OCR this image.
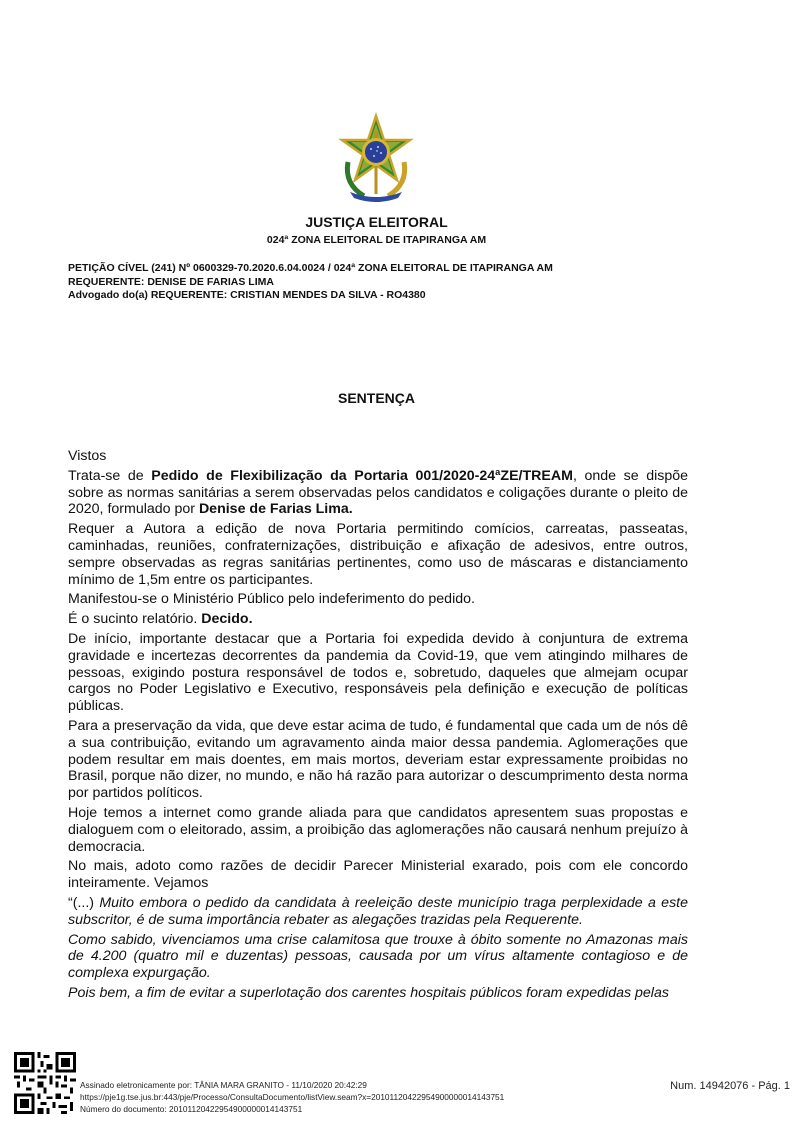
JUSTIÇA ELEITORAL
024ª ZONA ELEITORAL DE ITAPIRANGA AM
PETIÇÃO CÍVEL (241) Nº 0600329-70.2020.6.04.0024 / 024ª ZONA ELEITORAL DE ITAPIRANGA AM
REQUERENTE: DENISE DE FARIAS LIMA
Advogado do(a) REQUERENTE: CRISTIAN MENDES DA SILVA - RO4380
SENTENÇA

Vistos

Trata-se de Pedido de Flexibilização da Portaria 001/2020-24ªZE/TREAM, onde se dispõe sobre as normas sanitárias a serem observadas pelos candidatos e coligações durante o pleito de 2020, formulado por Denise de Farias Lima.

Requer a Autora a edição de nova Portaria permitindo comícios, carreatas, passeatas, caminhadas, reuniões, confraternizações, distribuição e afixação de adesivos, entre outros, sempre observadas as regras sanitárias pertinentes, como uso de máscaras e distanciamento mínimo de 1,5m entre os participantes.

Manifestou-se o Ministério Público pelo indeferimento do pedido.

É o sucinto relatório. Decido.

De início, importante destacar que a Portaria foi expedida devido à conjuntura de extrema gravidade e incertezas decorrentes da pandemia da Covid-19, que vem atingindo milhares de pessoas, exigindo postura responsável de todos e, sobretudo, daqueles que almejam ocupar cargos no Poder Legislativo e Executivo, responsáveis pela definição e execução de políticas públicas.

Para a preservação da vida, que deve estar acima de tudo, é fundamental que cada um de nós dê a sua contribuição, evitando um agravamento ainda maior dessa pandemia. Aglomerações que podem resultar em mais doentes, em mais mortos, deveriam estar expressamente proibidas no Brasil, porque não dizer, no mundo, e não há razão para autorizar o descumprimento desta norma por partidos políticos.

Hoje temos a internet como grande aliada para que candidatos apresentem suas propostas e dialoguem com o eleitorado, assim, a proibição das aglomerações não causará nenhum prejuízo à democracia.

No mais, adoto como razões de decidir Parecer Ministerial exarado, pois com ele concordo inteiramente. Vejamos

“(...) Muito embora o pedido da candidata à reeleição deste município traga perplexidade a este subscritor, é de suma importância rebater as alegações trazidas pela Requerente.

Como sabido, vivenciamos uma crise calamitosa que trouxe à óbito somente no Amazonas mais de 4.200 (quatro mil e duzentas) pessoas, causada por um vírus altamente contagioso e de complexa expurgação.

Pois bem, a fim de evitar a superlotação dos carentes hospitais públicos foram expedidas pelas

Assinado eletronicamente por: TÂNIA MARA GRANITO - 11/10/2020 20:42:29
https://pje1g.tse.jus.br:443/pje/Processo/ConsultaDocumento/listView.seam?x=20101120422954900000014143751
Número do documento: 20101120422954900000014143751
Num. 14942076 - Pág. 1
